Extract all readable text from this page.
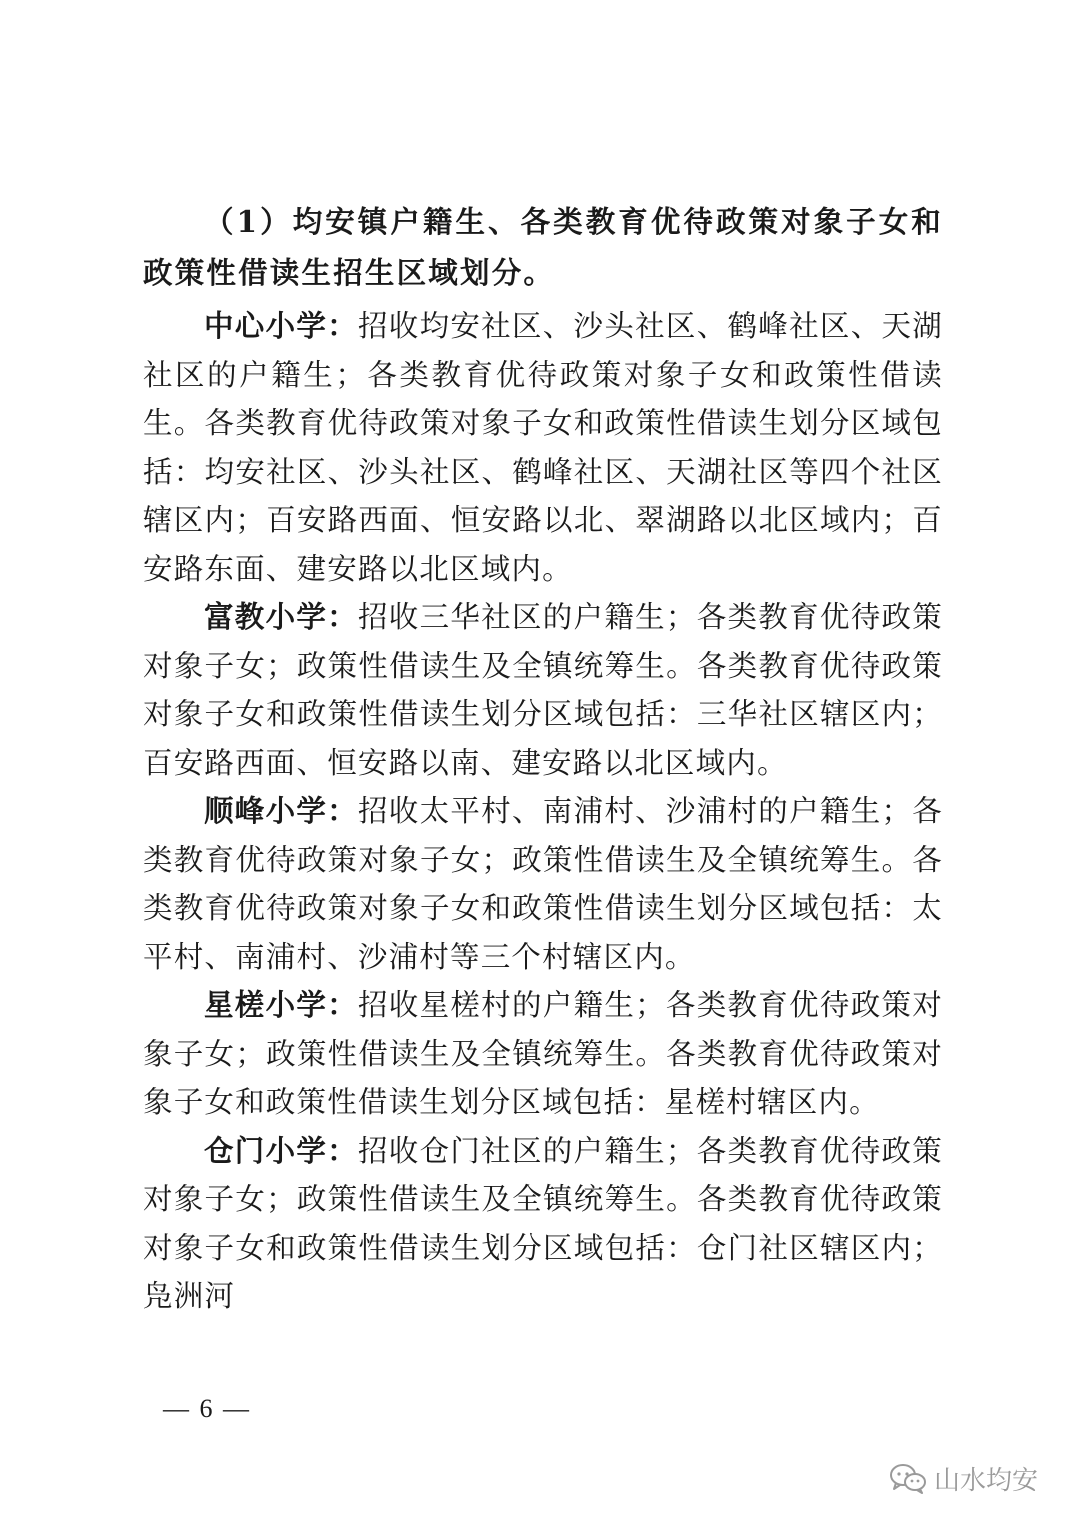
（1）均安镇户籍生、各类教育优待政策对象子女和政策性借读生招生区域划分。

中心小学：招收均安社区、沙头社区、鹤峰社区、天湖社区的户籍生；各类教育优待政策对象子女和政策性借读生。各类教育优待政策对象子女和政策性借读生划分区域包括：均安社区、沙头社区、鹤峰社区、天湖社区等四个社区辖区内；百安路西面、恒安路以北、翠湖路以北区域内；百安路东面、建安路以北区域内。

富教小学：招收三华社区的户籍生；各类教育优待政策对象子女；政策性借读生及全镇统筹生。各类教育优待政策对象子女和政策性借读生划分区域包括：三华社区辖区内；百安路西面、恒安路以南、建安路以北区域内。

顺峰小学：招收太平村、南浦村、沙浦村的户籍生；各类教育优待政策对象子女；政策性借读生及全镇统筹生。各类教育优待政策对象子女和政策性借读生划分区域包括：太平村、南浦村、沙浦村等三个村辖区内。

星槎小学：招收星槎村的户籍生；各类教育优待政策对象子女；政策性借读生及全镇统筹生。各类教育优待政策对象子女和政策性借读生划分区域包括：星槎村辖区内。

仓门小学：招收仓门社区的户籍生；各类教育优待政策对象子女；政策性借读生及全镇统筹生。各类教育优待政策对象子女和政策性借读生划分区域包括：仓门社区辖区内；凫洲河

— 6 —
山水均安
